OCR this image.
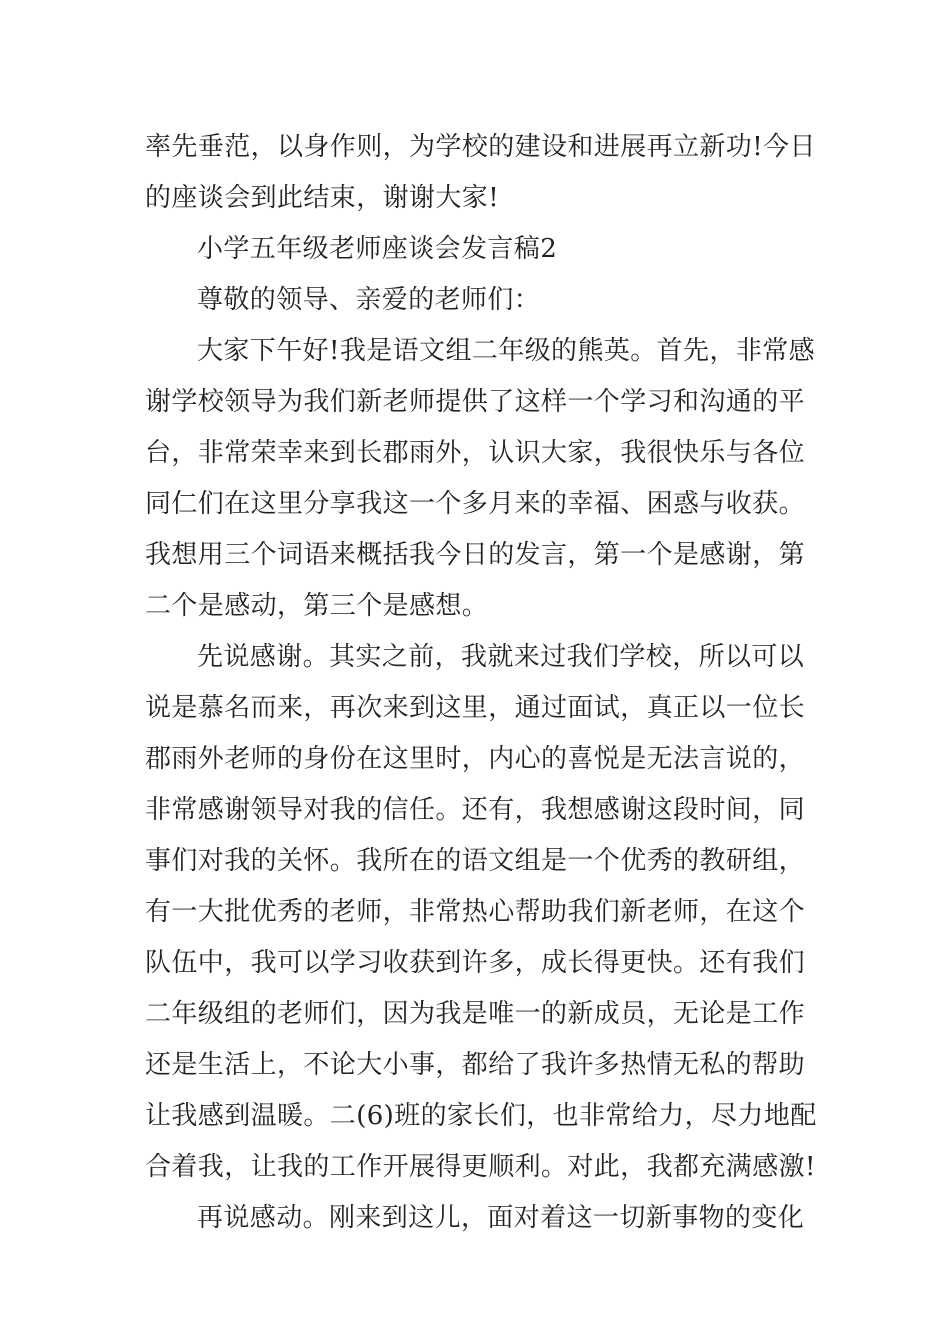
率先垂范，以身作则，为学校的建设和进展再立新功!今日
的座谈会到此结束，谢谢大家!
小学五年级老师座谈会发言稿2
尊敬的领导、亲爱的老师们：
大家下午好!我是语文组二年级的熊英。首先，非常感
谢学校领导为我们新老师提供了这样一个学习和沟通的平
台，非常荣幸来到长郡雨外，认识大家，我很快乐与各位
同仁们在这里分享我这一个多月来的幸福、困惑与收获。
我想用三个词语来概括我今日的发言，第一个是感谢，第
二个是感动，第三个是感想。
先说感谢。其实之前，我就来过我们学校，所以可以
说是慕名而来，再次来到这里，通过面试，真正以一位长
郡雨外老师的身份在这里时，内心的喜悦是无法言说的，
非常感谢领导对我的信任。还有，我想感谢这段时间，同
事们对我的关怀。我所在的语文组是一个优秀的教研组，
有一大批优秀的老师，非常热心帮助我们新老师，在这个
队伍中，我可以学习收获到许多，成长得更快。还有我们
二年级组的老师们，因为我是唯一的新成员，无论是工作
还是生活上，不论大小事，都给了我许多热情无私的帮助
让我感到温暖。二(6)班的家长们，也非常给力，尽力地配
合着我，让我的工作开展得更顺利。对此，我都充满感激!
再说感动。刚来到这儿，面对着这一切新事物的变化
